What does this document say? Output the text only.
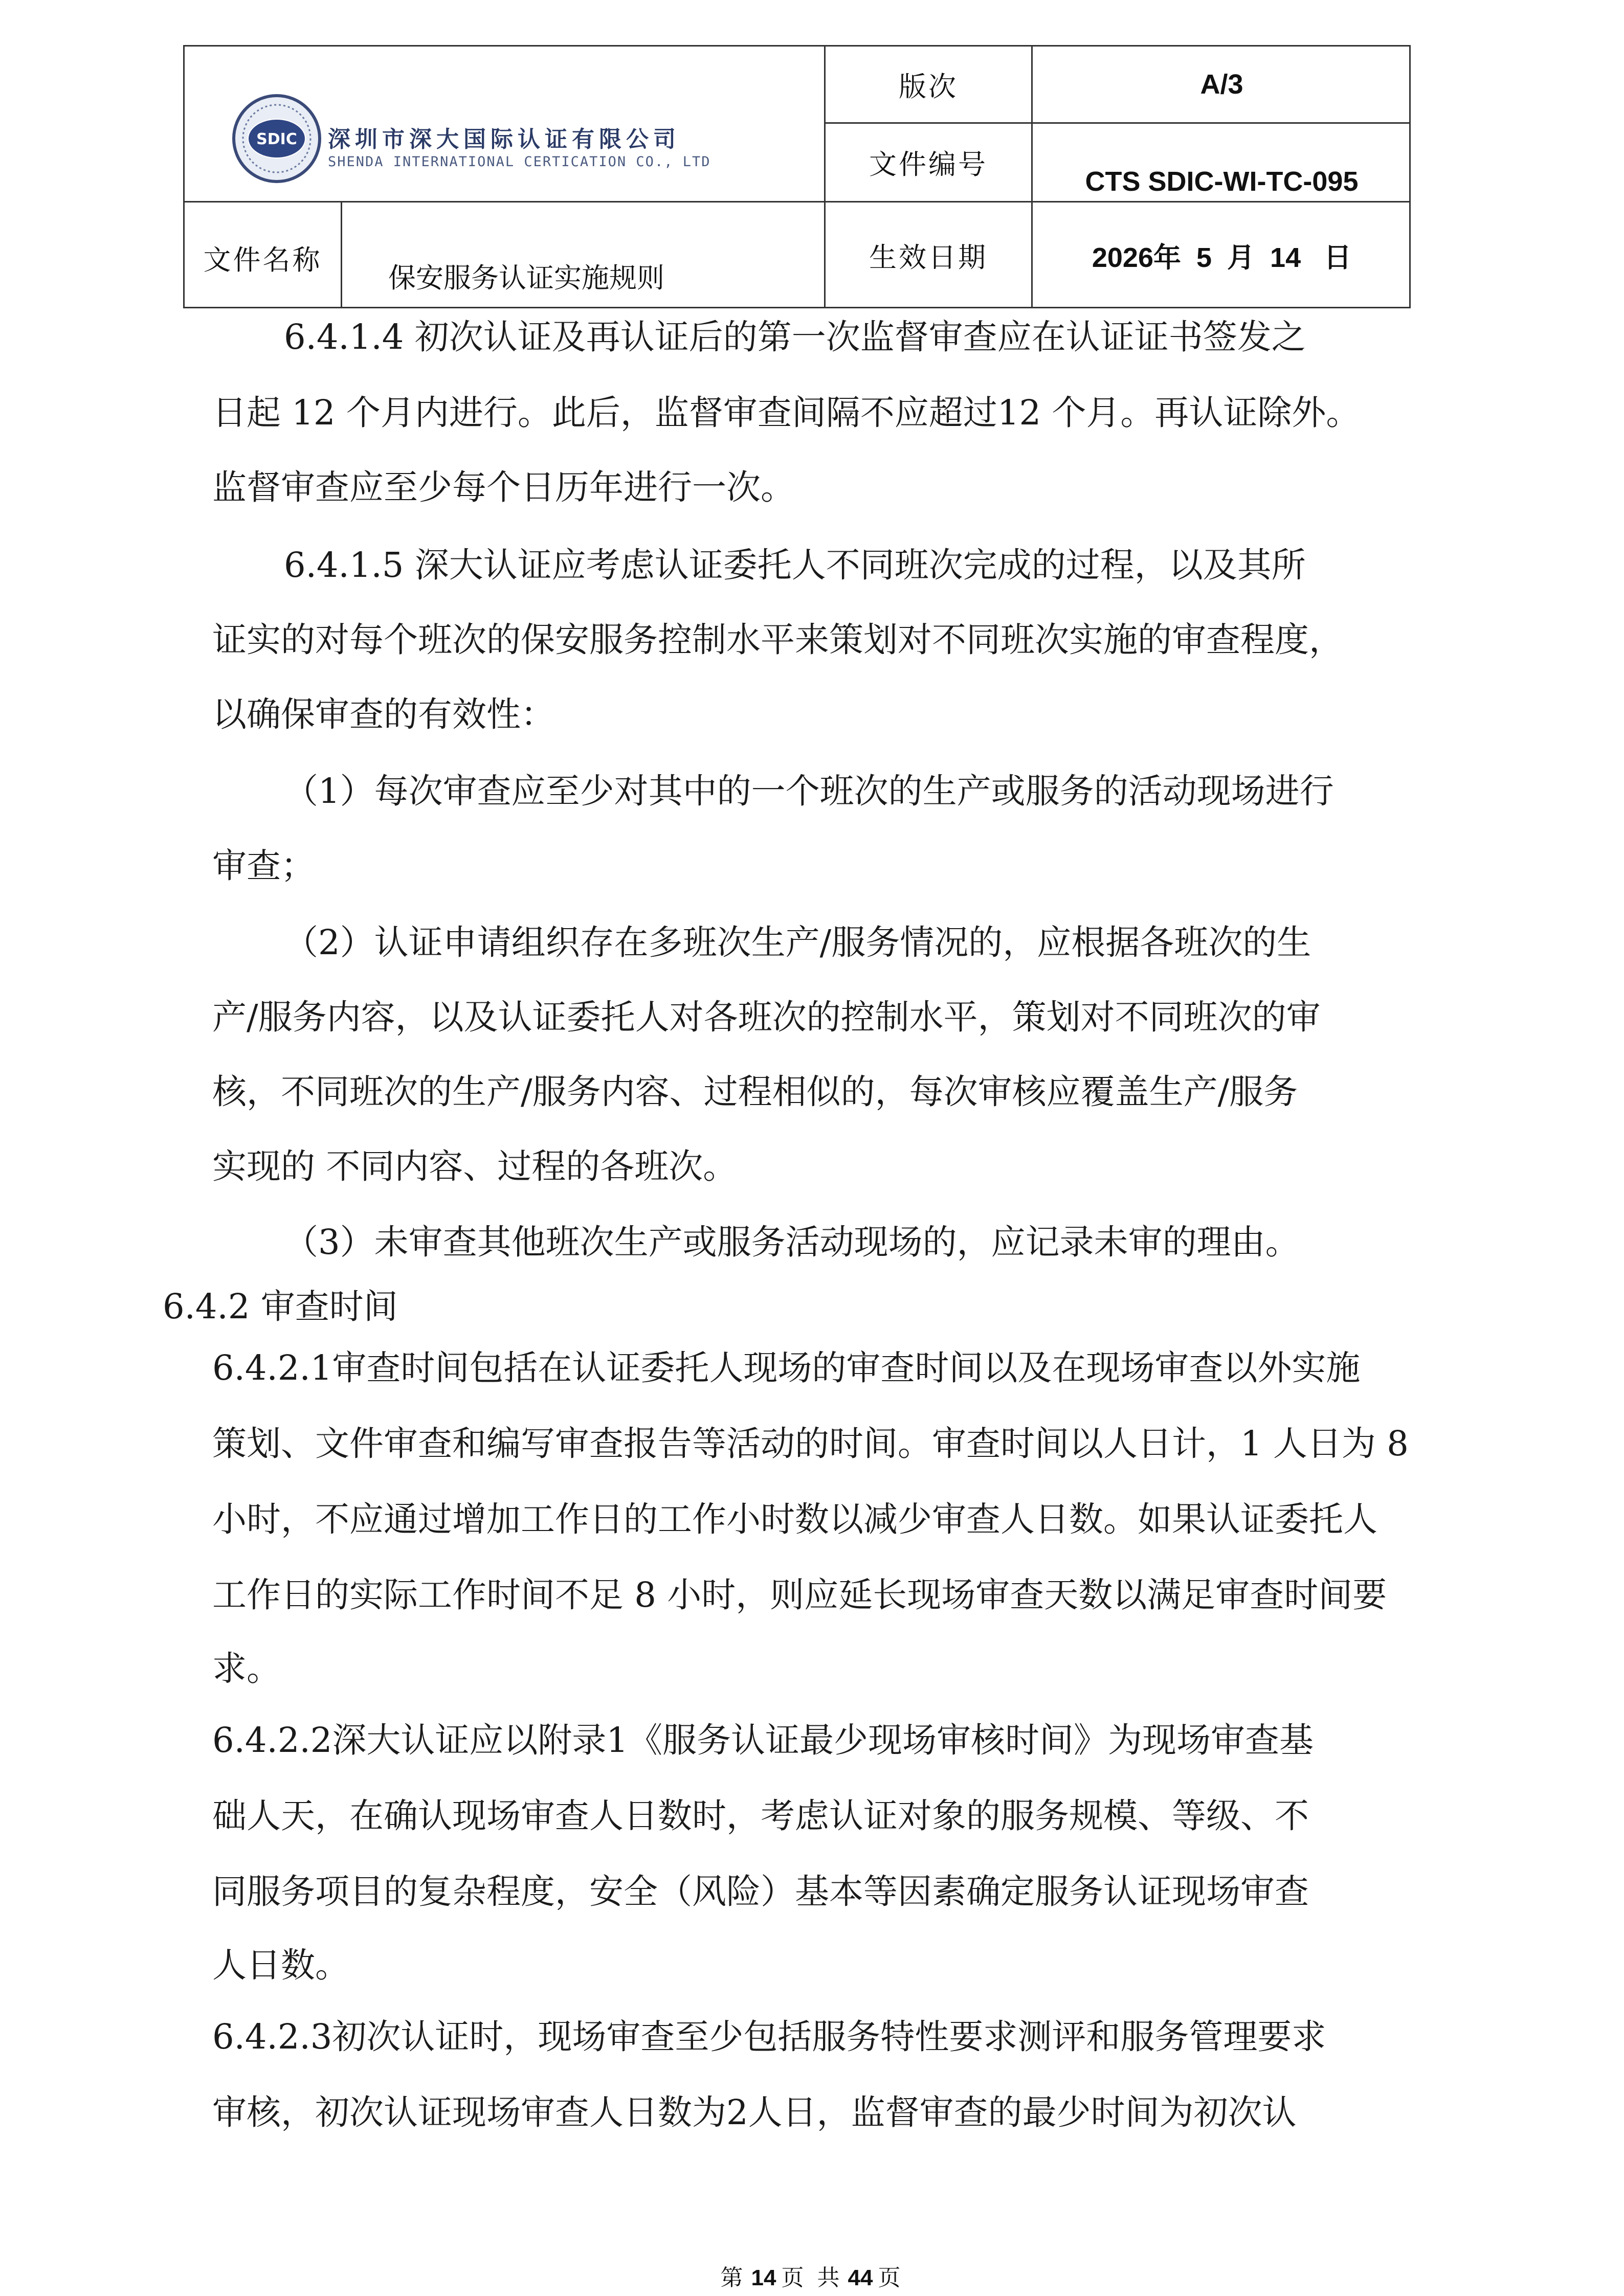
SDIC 深圳市深大国际认证有限公司
SHENDA INTERNATIONAL CERTICATION CO., LTD
版次	A/3
文件编号
CTS SDIC-WI-TC-095
文件名称
保安服务认证实施规则
生效日期	2026年  5  月  14   日
6.4.1.4 初次认证及再认证后的第一次监督审查应在认证证书签发之
日起 12 个月内进行。此后，监督审查间隔不应超过12 个月。再认证除外。
监督审查应至少每个日历年进行一次。
6.4.1.5 深大认证应考虑认证委托人不同班次完成的过程，以及其所
证实的对每个班次的保安服务控制水平来策划对不同班次实施的审查程度，
以确保审查的有效性：
（1）每次审查应至少对其中的一个班次的生产或服务的活动现场进行
审查；
（2）认证申请组织存在多班次生产/服务情况的，应根据各班次的生
产/服务内容，以及认证委托人对各班次的控制水平，策划对不同班次的审
核，不同班次的生产/服务内容、过程相似的，每次审核应覆盖生产/服务
实现的 不同内容、过程的各班次。
（3）未审查其他班次生产或服务活动现场的，应记录未审的理由。
6.4.2 审查时间
6.4.2.1审查时间包括在认证委托人现场的审查时间以及在现场审查以外实施
策划、文件审查和编写审查报告等活动的时间。审查时间以人日计，1 人日为 8
小时，不应通过增加工作日的工作小时数以减少审查人日数。如果认证委托人
工作日的实际工作时间不足 8 小时，则应延长现场审查天数以满足审查时间要
求。
6.4.2.2深大认证应以附录1《服务认证最少现场审核时间》为现场审查基
础人天，在确认现场审查人日数时，考虑认证对象的服务规模、等级、不
同服务项目的复杂程度，安全（风险）基本等因素确定服务认证现场审查
人日数。
6.4.2.3初次认证时，现场审查至少包括服务特性要求测评和服务管理要求
审核，初次认证现场审查人日数为2人日，监督审查的最少时间为初次认
第 14 页 共 44 页
